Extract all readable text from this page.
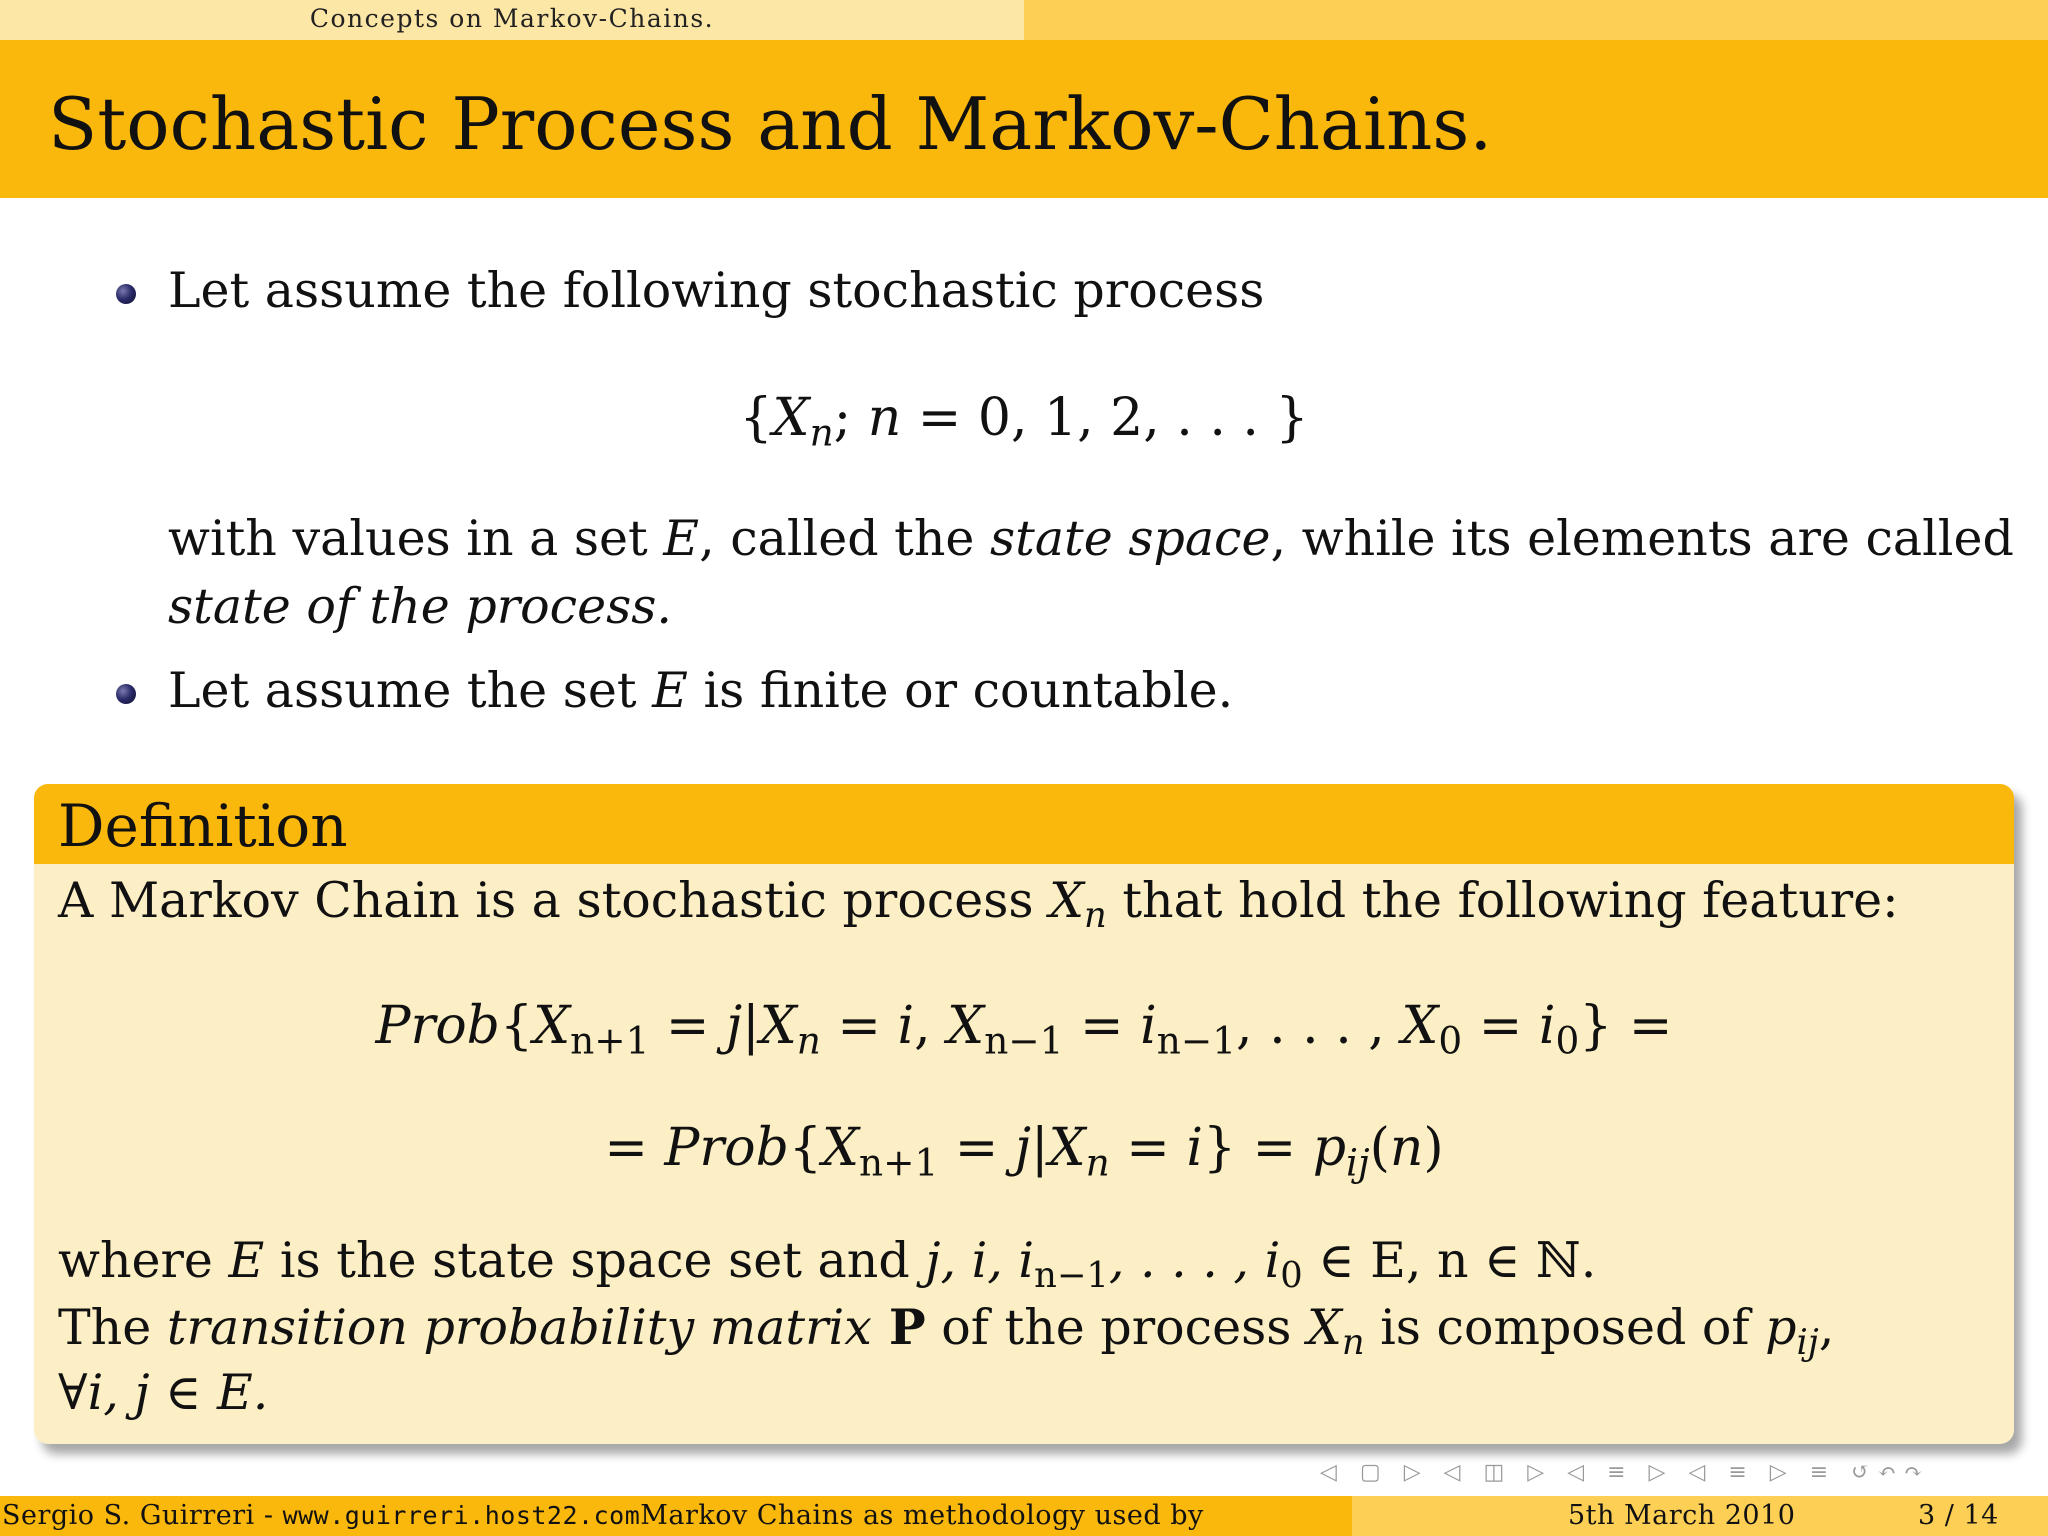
Concepts on Markov-Chains.
Stochastic Process and Markov-Chains.
Let assume the following stochastic process
{$X_n$; n = 0, 1, 2, . . . }
with values in a set E, called the state space, while its elements are called
state of the process.
Let assume the set E is finite or countable.
Definition
A Markov Chain is a stochastic process $X_n$ that hold the following feature:
$Prob\{X_{n+1} = j|X_n = i$, $X_{n-1} = i_{n-1}$, . . . , $X_0 = i_0$} =
= $Prob\{X_{n+1} = j|X_n = i\} = p_{ij}(n)$
where E is the state space set and j, i, $i_{n-1}$, . . . , $i_0$ ∈ E, n ∈ ℕ.
The transition probability matrix P of the process $X_n$ is composed of $p_{ij}$,
∀i, j ∈ E.
◁ ▢ ▷ ◁ ◫ ▷ ◁ ≡ ▷ ◁ ≡ ▷ ≡ ↺↶↷
Sergio S. Guirreri - www.guirreri.host22.comMarkov Chains as methodology used by	5th March 2010	3 / 14
